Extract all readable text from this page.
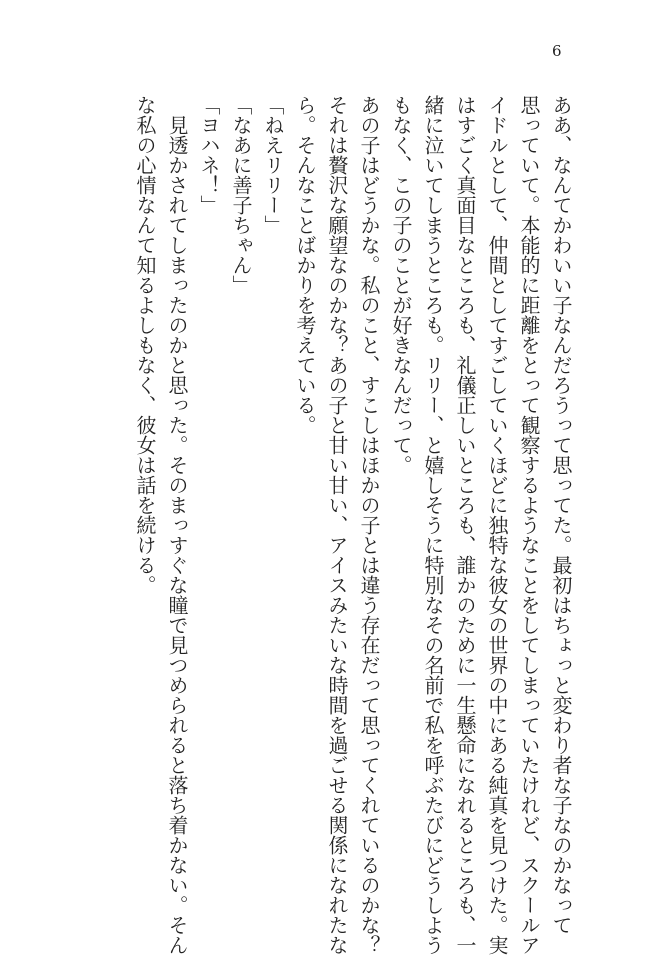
6

ああ、なんてかわいい子なんだろうって思ってた。最初はちょっと変わり者な子なのかなって

思っていて。本能的に距離をとって観察するようなことをしてしまっていたけれど、スクールア

イドルとして、仲間としてすごしていくほどに独特な彼女の世界の中にある純真を見つけた。実

はすごく真面目なところも、礼儀正しいところも、誰かのために一生懸命になれるところも、一

緒に泣いてしまうところも。リリー、と嬉しそうに特別なその名前で私を呼ぶたびにどうしよう

もなく、この子のことが好きなんだって。

あの子はどうかな。私のこと、すこしはほかの子とは違う存在だって思ってくれているのかな？

それは贅沢な願望なのかな？あの子と甘い甘い、アイスみたいな時間を過ごせる関係になれたな

ら。そんなことばかりを考えている。

「ねえリリー」

「なあに善子ちゃん」

「ヨハネ！」

見透かされてしまったのかと思った。そのまっすぐな瞳で見つめられると落ち着かない。そん

な私の心情なんて知るよしもなく、彼女は話を続ける。
